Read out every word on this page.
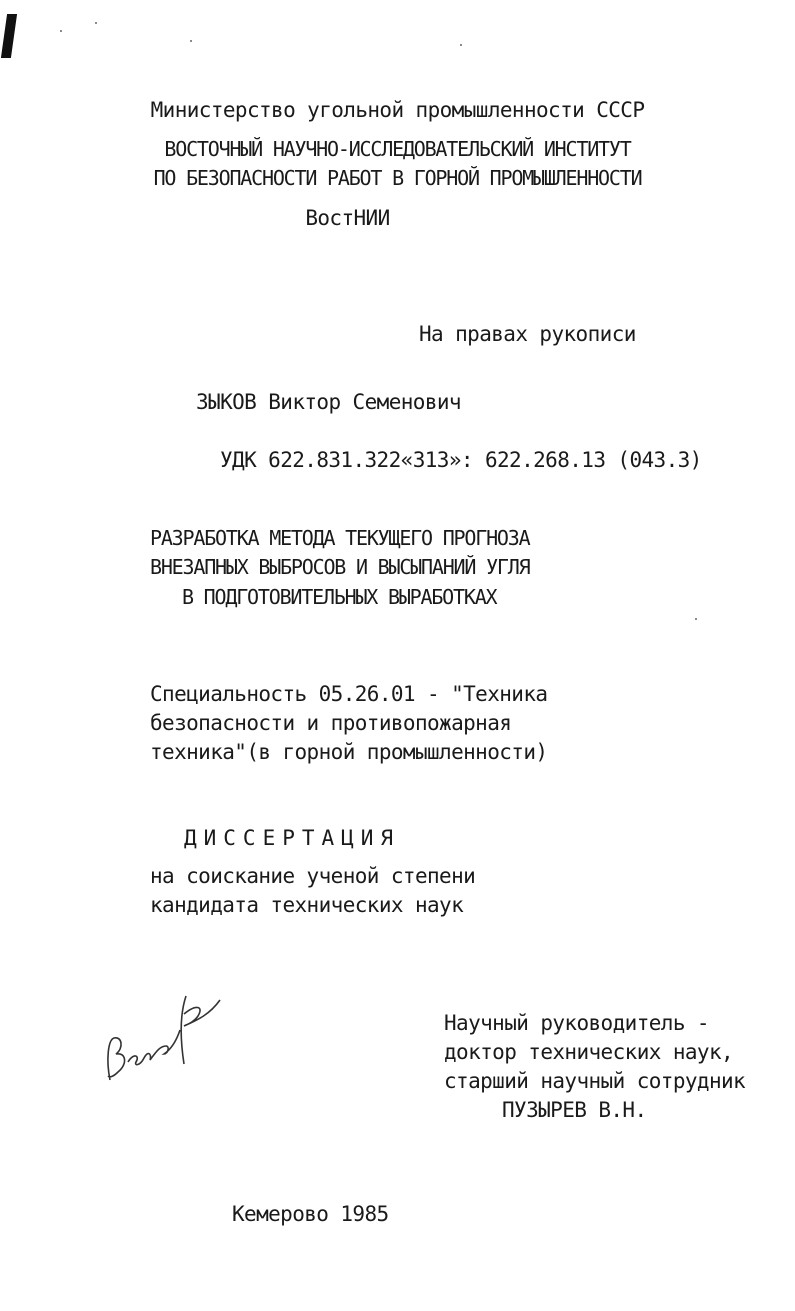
Министерство угольной промышленности СССР
ВОСТОЧНЫЙ НАУЧНО-ИССЛЕДОВАТЕЛЬСКИЙ ИНСТИТУТ
ПО БЕЗОПАСНОСТИ РАБОТ В ГОРНОЙ ПРОМЫШЛЕННОСТИ
ВостНИИ
На правах рукописи
ЗЫКОВ Виктор Семенович
УДК 622.831.322«313»: 622.268.13 (043.3)
РАЗРАБОТКА МЕТОДА ТЕКУЩЕГО ПРОГНОЗА
ВНЕЗАПНЫХ ВЫБРОСОВ И ВЫСЫПАНИЙ УГЛЯ
В ПОДГОТОВИТЕЛЬНЫХ ВЫРАБОТКАХ
Специальность 05.26.01 - "Техника
безопасности и противопожарная
техника"(в горной промышленности)
ДИССЕРТАЦИЯ
на соискание ученой степени
кандидата технических наук
Научный руководитель -
доктор технических наук,
старший научный сотрудник
ПУЗЫРЕВ В.Н.
Кемерово 1985
